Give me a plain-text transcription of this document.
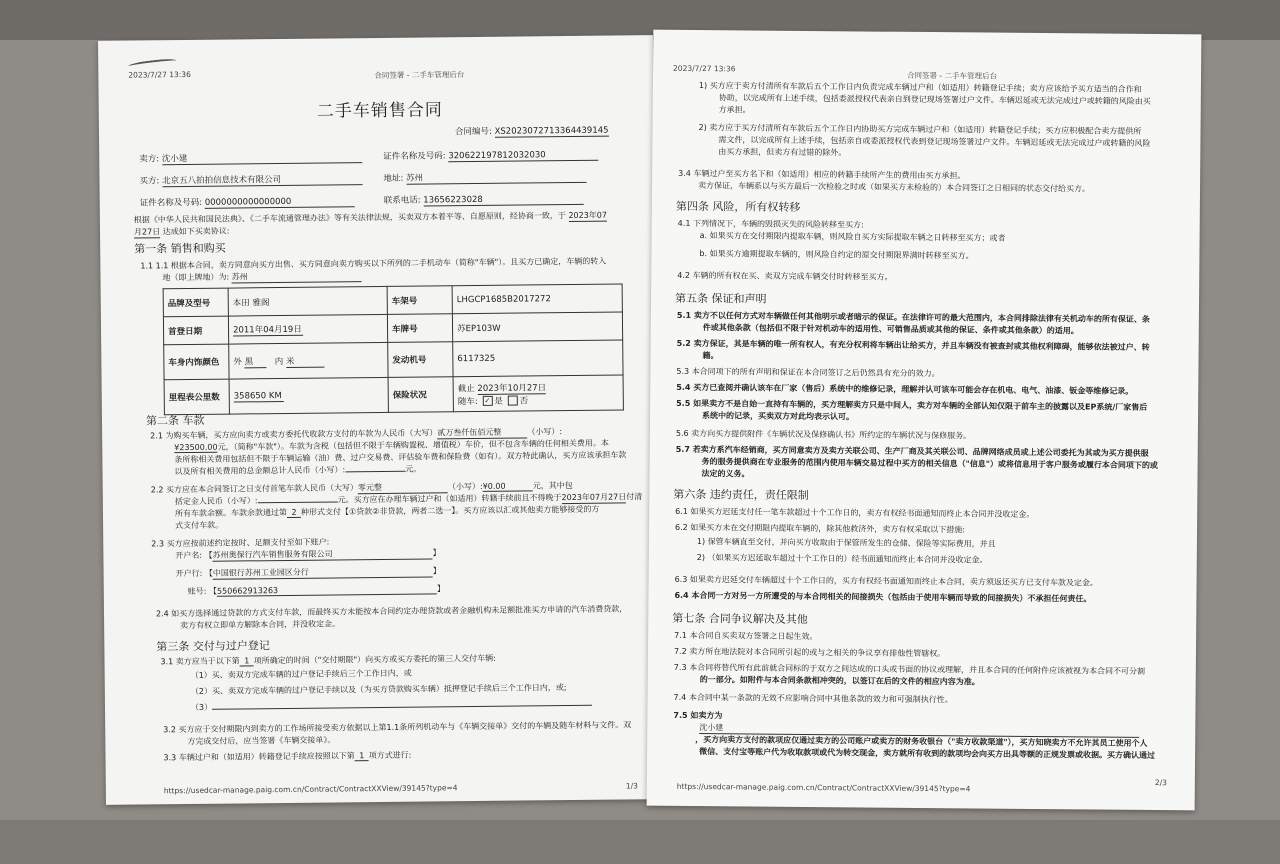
2023/7/27 13:36	合同签署 - 二手车管理后台
二手车销售合同
合同编号: XS2023072713364439145
卖方: 沈小建	证件名称及号码: 320622197812032030
买方: 北京五八拍拍信息技术有限公司	地址: 苏州
证件名称及号码: 0000000000000000	联系电话: 13656223028
根据《中华人民共和国民法典》、《二手车流通管理办法》等有关法律法规，买卖双方本着平等、自愿原则，经协商一致，于 2023年07
月27日 达成如下买卖协议:
第一条 销售和购买
1.1 1.1 根据本合同，卖方同意向买方出售、买方同意向卖方购买以下所列的二手机动车（简称"车辆"）。且买方已确定，车辆的转入
地（即上牌地）为: 苏州
品牌及型号	本田 雅阁	车架号	LHGCP1685B2017272
首登日期	2011年04月19日	车牌号	苏EP103W
车身内饰颜色	外 黑 内 米	发动机号	6117325
里程表公里数	358650 KM	保险状况	截止 2023年10月27日
随车: ✓ 是 否
第二条 车款
2.1 为购买车辆，买方应向卖方或卖方委托代收款方支付的车款为人民币（大写）贰万叁仟伍佰元整	（小写）:
¥23500.00元，（简称"车款"）。车款为含税（包括但不限于车辆购置税、增值税）车价，但不包含车辆的任何相关费用。本
条所称相关费用包括但不限于车辆运输（油）费、过户交易费、评估验车费和保险费（如有）。双方特此确认，买方应该承担车款
以及所有相关费用的总金额总计人民币（小写）:	元。
2.2 买方应在本合同签订之日支付首笔车款人民币（大写）零元整	（小写）:¥0.00	元，其中包
括定金人民币（小写）:	元。买方应在办理车辆过户和（如适用）转籍手续前且不得晚于2023年07月27日付清
所有车款余额。车款余款通过第 2 种形式支付【①贷款②非贷款，两者二选一】。买方应该以汇或其他卖方能够接受的方
式支付车款。
2.3 买方应按前述约定按时、足额支付至如下账户:
开户名: 【苏州奥保行汽车销售服务有限公司	】
开户行: 【中国银行苏州工业园区分行	】
账号: 【550662913263	】
2.4 如买方选择通过贷款的方式支付车款，而最终买方未能按本合同约定办理贷款或者金融机构未足额批准买方申请的汽车消费贷款，
卖方有权立即单方解除本合同，并没收定金。
第三条 交付与过户登记
3.1 卖方应当于以下第 1 项所确定的时间（"交付期限"）向买方或买方委托的第三人交付车辆:
（1）买、卖双方完成车辆的过户登记手续后三个工作日内，或
（2）买、卖双方完成车辆的过户登记手续以及（为买方贷款购买车辆）抵押登记手续后三个工作日内，或;
（3）
3.2 买方应于交付期限内到卖方的工作场所接受卖方依据以上第1.1条所列机动车与《车辆交接单》交付的车辆及随车材料与文件。双
方完成交付后，应当签署《车辆交接单》。
3.3 车辆过户和（如适用）转籍登记手续应按照以下第 1 项方式进行:
https://usedcar-manage.paig.com.cn/Contract/ContractXXView/39145?type=4	1/3
2023/7/27 13:36
合同签署 - 二手车管理后台
1) 买方应于卖方付清所有车款后五个工作日内负责完成车辆过户和（如适用）转籍登记手续；卖方应该给予买方适当的合作和
协助，以完成所有上述手续，包括委派授权代表亲自到登记现场签署过户文件。车辆迟延或无法完成过户或转籍的风险由买
方承担。
2) 卖方应于买方付清所有车款后五个工作日内协助买方完成车辆过户和（如适用）转籍登记手续；买方应积极配合卖方提供所
需文件，以完成所有上述手续，包括亲自或委派授权代表到登记现场签署过户文件。车辆迟延或无法完成过户或转籍的风险
由买方承担，但卖方有过错的除外。
3.4 车辆过户至买方名下和（如适用）相应的转籍手续所产生的费用由买方承担。
卖方保证，车辆系以与买方最后一次检验之时或（如果买方未检验的）本合同签订之日相同的状态交付给买方。
第四条 风险，所有权转移
4.1 下列情况下，车辆的毁损灭失的风险转移至买方:
a. 如果买方在交付期限内提取车辆，则风险自买方实际提取车辆之日转移至买方；或者
b. 如果买方逾期提取车辆的，则风险自约定的原交付期限界满时转移至买方。
4.2 车辆的所有权在买、卖双方完成车辆交付时转移至买方。
第五条 保证和声明
5.1 卖方不以任何方式对车辆做任何其他明示或者暗示的保证。在法律许可的最大范围内，本合同排除法律有关机动车的所有保证、条
件或其他条款（包括但不限于针对机动车的适用性、可销售品质或其他的保证、条件或其他条款）的适用。
5.2 卖方保证，其是车辆的唯一所有权人，有充分权利将车辆出让给买方，并且车辆没有被查封或其他权利障碍，能够依法被过户、转
籍。
5.3 本合同项下的所有声明和保证在本合同签订之后仍然具有充分的效力。
5.4 买方已查阅并确认该车在厂家（售后）系统中的维修记录，理解并认可该车可能会存在机电、电气、油漆、钣金等维修记录。
5.5 如果卖方不是自始一直持有车辆的，买方理解卖方只是中间人，卖方对车辆的全部认知仅限于前车主的披露以及EP系统/厂家售后
系统中的记录，买卖双方对此均表示认可。
5.6 卖方向买方提供附件《车辆状况及保修确认书》所约定的车辆状况与保修服务。
5.7 若卖方系汽车经销商，买方同意卖方及卖方关联公司、生产厂商及其关联公司、品牌网络成员或上述公司委托为其或为买方提供服
务的服务提供商在专业服务的范围内使用车辆交易过程中买方的相关信息（"信息"）或将信息用于客户服务或履行本合同项下的或
法定的义务。
第六条 违约责任，责任限制
6.1 如果买方迟延支付任一笔车款超过十个工作日的，卖方有权经书面通知而终止本合同并没收定金。
6.2 如果买方未在交付期限内提取车辆的，除其他救济外，卖方有权采取以下措施:
1) 保管车辆直至交付，并向买方收取由于保管所发生的仓储、保险等实际费用，并且
2) （如果买方迟延取车超过十个工作日的）经书面通知而终止本合同并没收定金。
6.3 如果卖方迟延交付车辆超过十个工作日的，买方有权经书面通知而终止本合同，卖方须返还买方已支付车款及定金。
6.4 本合同一方对另一方所遭受的与本合同相关的间接损失（包括由于使用车辆而导致的间接损失）不承担任何责任。
第七条 合同争议解决及其他
7.1 本合同自买卖双方签署之日起生效。
7.2 卖方所在地法院对本合同所引起的或与之相关的争议享有排他性管辖权。
7.3 本合同将替代所有此前就合同标的于双方之间达成的口头或书面的协议或理解，并且本合同的任何附件应该被视为本合同不可分割
的一部分。如附件与本合同条款相冲突的，以签订在后的文件的相应内容为准。
7.4 本合同中某一条款的无效不应影响合同中其他条款的效力和可强制执行性。
7.5 如卖方为
沈小建
，买方向卖方支付的款项应仅通过卖方的公司账户或卖方的财务收银台（"卖方收款渠道"），买方知晓卖方不允许其员工使用个人
微信、支付宝等账户代为收取款项或代为转交现金，卖方就所有收到的款项均会向买方出具等额的正规发票或收据。买方确认通过
https://usedcar-manage.paig.com.cn/Contract/ContractXXView/39145?type=4	2/3
